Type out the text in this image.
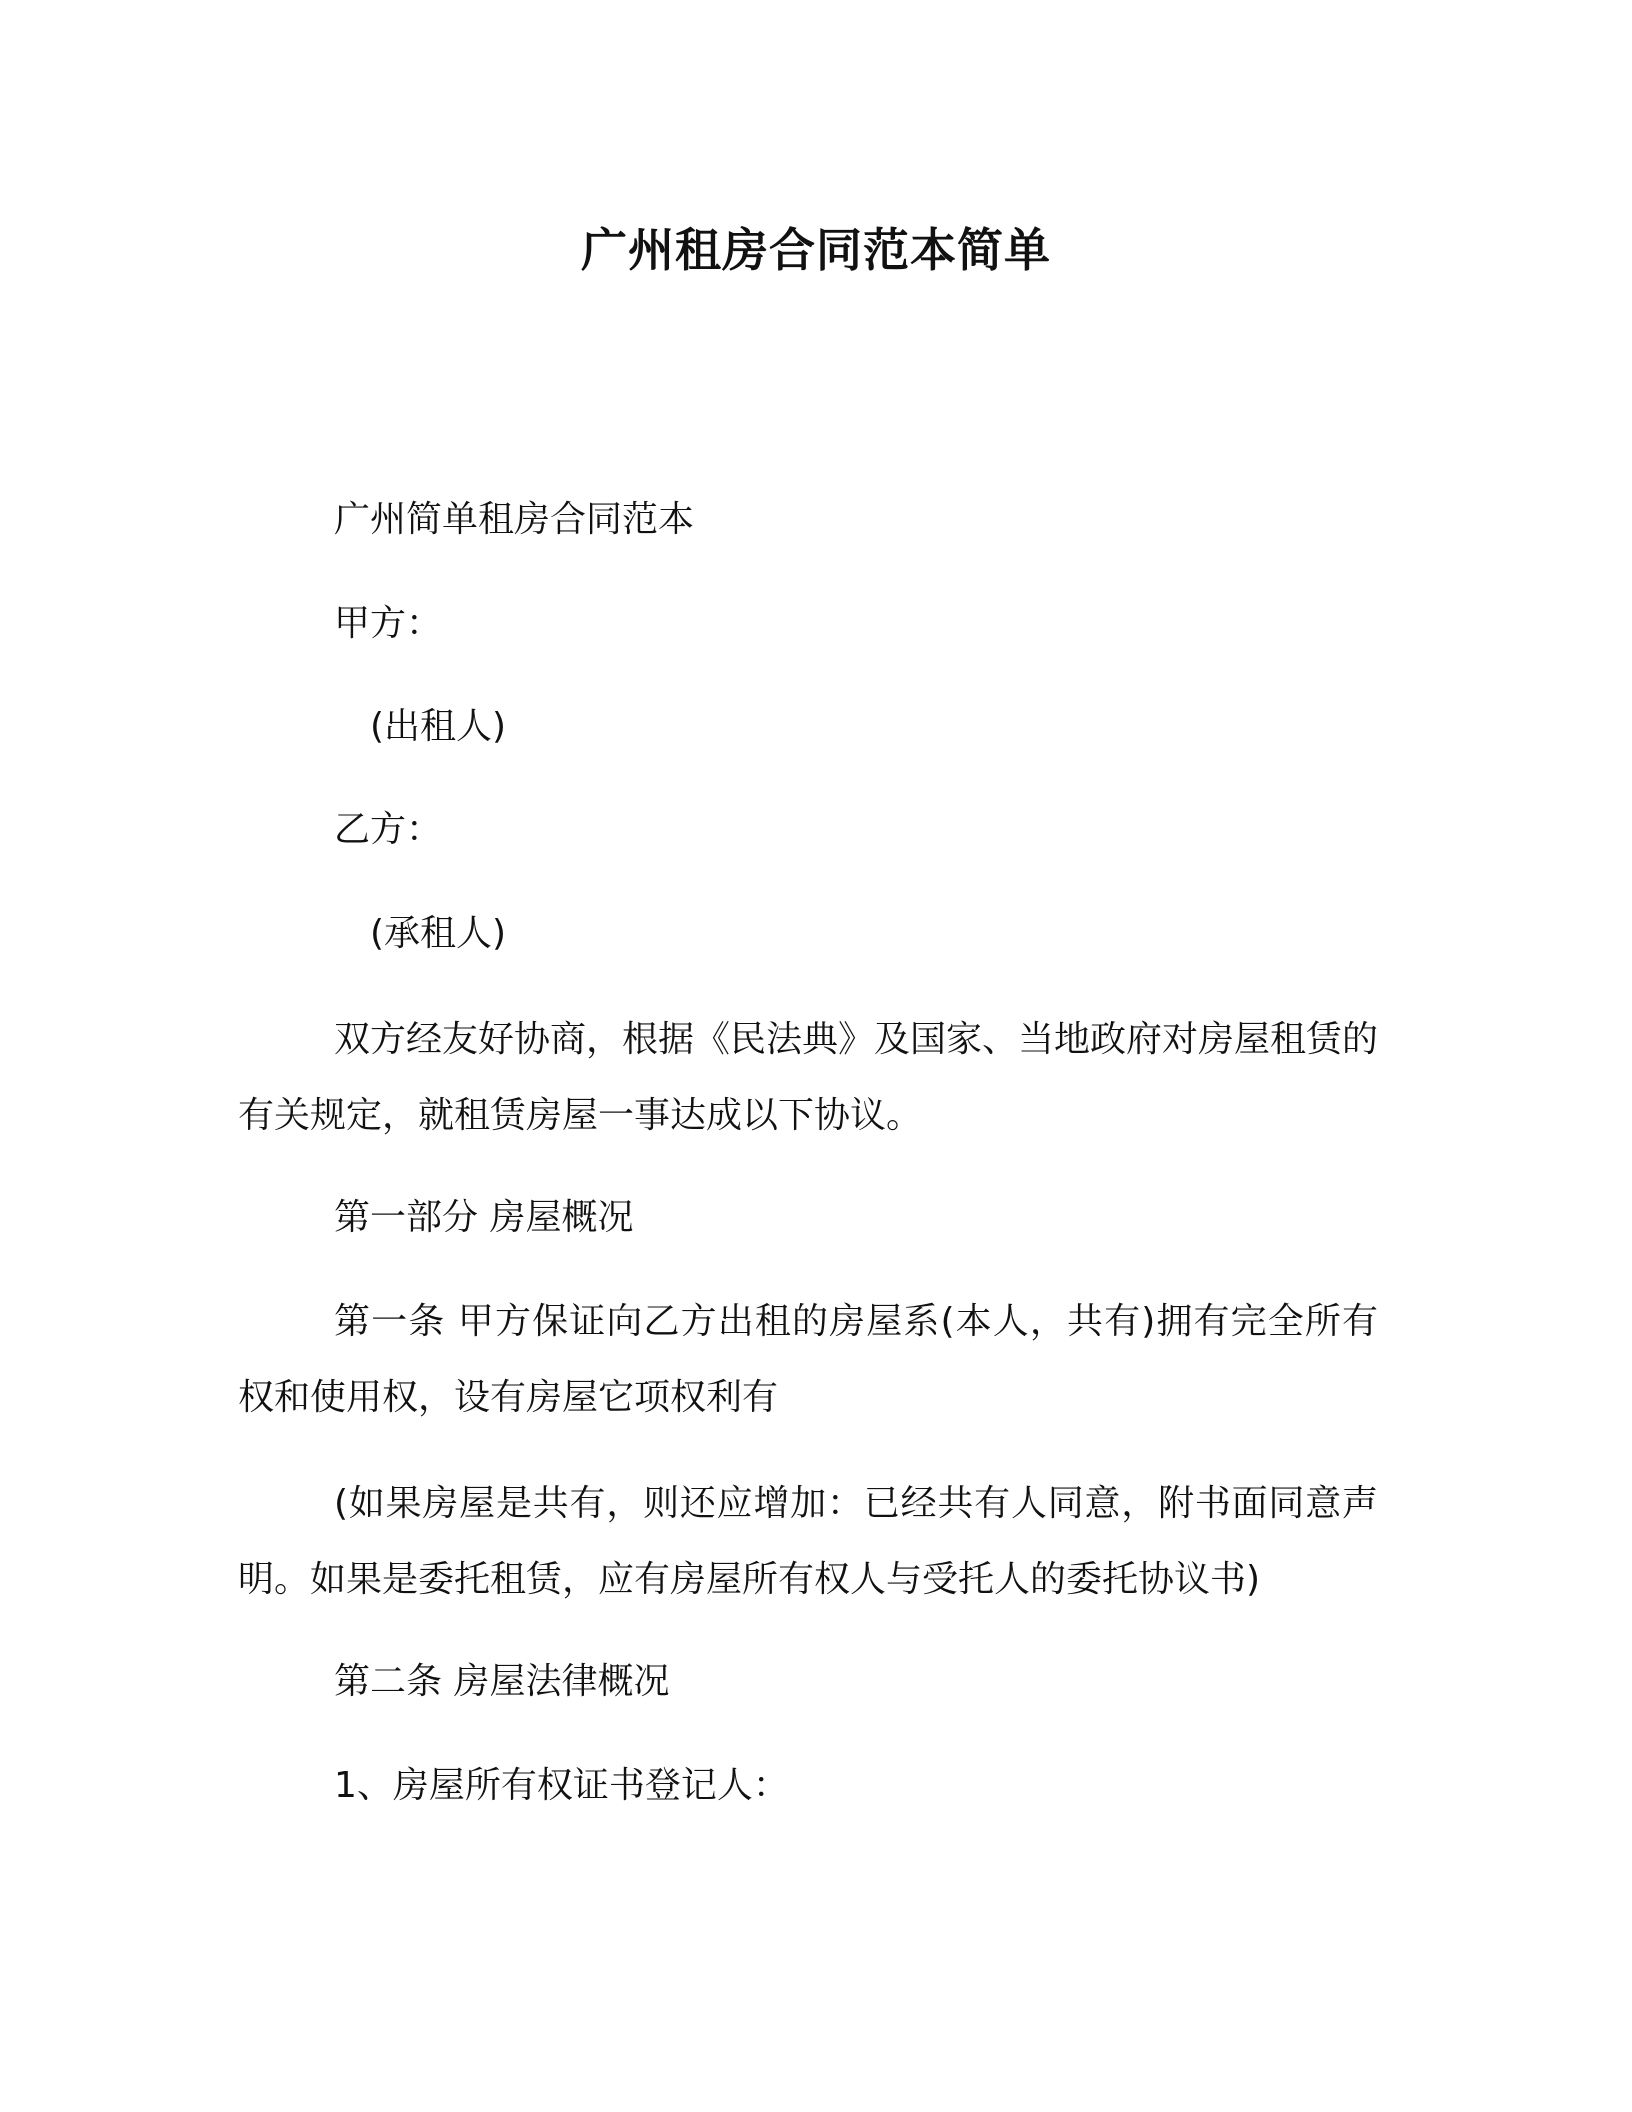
广州租房合同范本简单
广州简单租房合同范本
甲方：
(出租人)
乙方：
(承租人)
双方经友好协商，根据《民法典》及国家、当地政府对房屋租赁的有关规定，就租赁房屋一事达成以下协议。
第一部分 房屋概况
第一条 甲方保证向乙方出租的房屋系(本人，共有)拥有完全所有权和使用权，设有房屋它项权利有
(如果房屋是共有，则还应增加：已经共有人同意，附书面同意声明。如果是委托租赁，应有房屋所有权人与受托人的委托协议书)
第二条 房屋法律概况
1、房屋所有权证书登记人：
